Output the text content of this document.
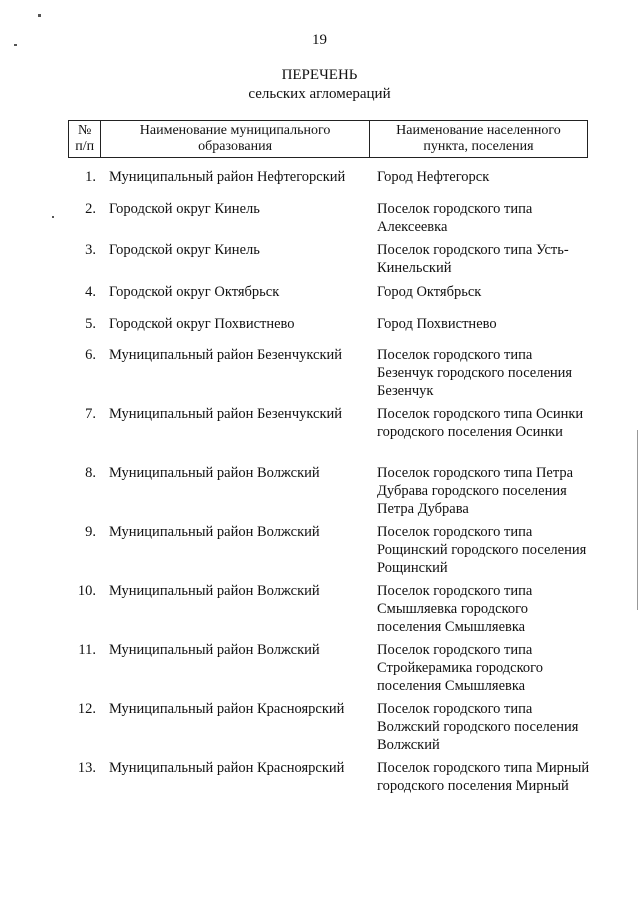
19
ПЕРЕЧЕНЬ
сельских агломераций
№
п/п
	Наименование муниципального образования	Наименование населенного пункта, поселения
1. Муниципальный район Нефтегорский	Город Нефтегорск
2. Городской округ Кинель	Поселок городского типа Алексеевка
3. Городской округ Кинель	Поселок городского типа Усть-Кинельский
4. Городской округ Октябрьск	Город Октябрьск
5. Городской округ Похвистнево	Город Похвистнево
6. Муниципальный район Безенчукский	Поселок городского типа Безенчук городского поселения Безенчук
7. Муниципальный район Безенчукский	Поселок городского типа Осинки городского поселения Осинки
8. Муниципальный район Волжский	Поселок городского типа Петра Дубрава городского поселения Петра Дубрава
9. Муниципальный район Волжский	Поселок городского типа Рощинский городского поселения Рощинский
10. Муниципальный район Волжский	Поселок городского типа Смышляевка городского поселения Смышляевка
11. Муниципальный район Волжский	Поселок городского типа Стройкерамика городского поселения Смышляевка
12. Муниципальный район Красноярский	Поселок городского типа Волжский городского поселения Волжский
13. Муниципальный район Красноярский	Поселок городского типа Мирный городского поселения Мирный
